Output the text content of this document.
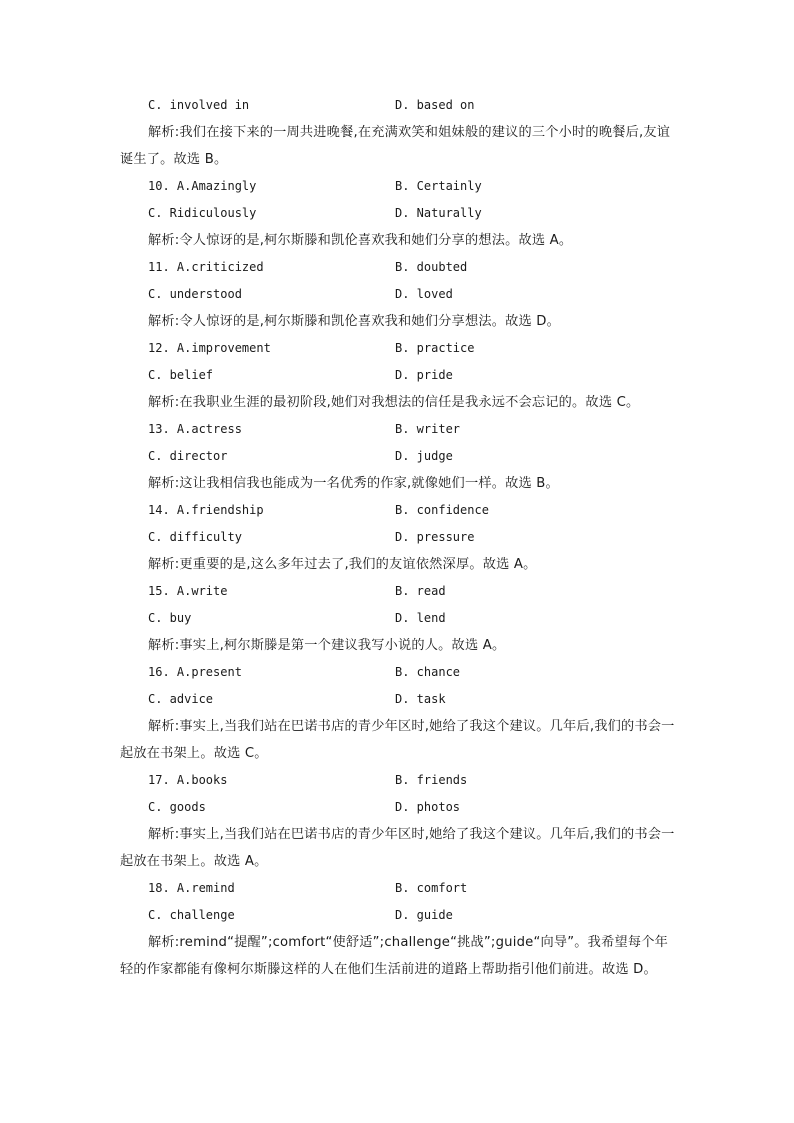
C. involved in	D. based on

解析:我们在接下来的一周共进晚餐,在充满欢笑和姐妹般的建议的三个小时的晚餐后,友谊诞生了。故选 B。

10. A.Amazingly	B. Certainly
C. Ridiculously	D. Naturally

解析:令人惊讶的是,柯尔斯滕和凯伦喜欢我和她们分享的想法。故选 A。

11. A.criticized	B. doubted
C. understood	D. loved

解析:令人惊讶的是,柯尔斯滕和凯伦喜欢我和她们分享想法。故选 D。

12. A.improvement	B. practice
C. belief	D. pride

解析:在我职业生涯的最初阶段,她们对我想法的信任是我永远不会忘记的。故选 C。

13. A.actress	B. writer
C. director	D. judge

解析:这让我相信我也能成为一名优秀的作家,就像她们一样。故选 B。

14. A.friendship	B. confidence
C. difficulty	D. pressure

解析:更重要的是,这么多年过去了,我们的友谊依然深厚。故选 A。

15. A.write	B. read
C. buy	D. lend

解析:事实上,柯尔斯滕是第一个建议我写小说的人。故选 A。

16. A.present	B. chance
C. advice	D. task

解析:事实上,当我们站在巴诺书店的青少年区时,她给了我这个建议。几年后,我们的书会一起放在书架上。故选 C。

17. A.books	B. friends
C. goods	D. photos

解析:事实上,当我们站在巴诺书店的青少年区时,她给了我这个建议。几年后,我们的书会一起放在书架上。故选 A。

18. A.remind	B. comfort
C. challenge	D. guide

解析:remind“提醒”;comfort“使舒适”;challenge“挑战”;guide“向导”。我希望每个年轻的作家都能有像柯尔斯滕这样的人在他们生活前进的道路上帮助指引他们前进。故选 D。
